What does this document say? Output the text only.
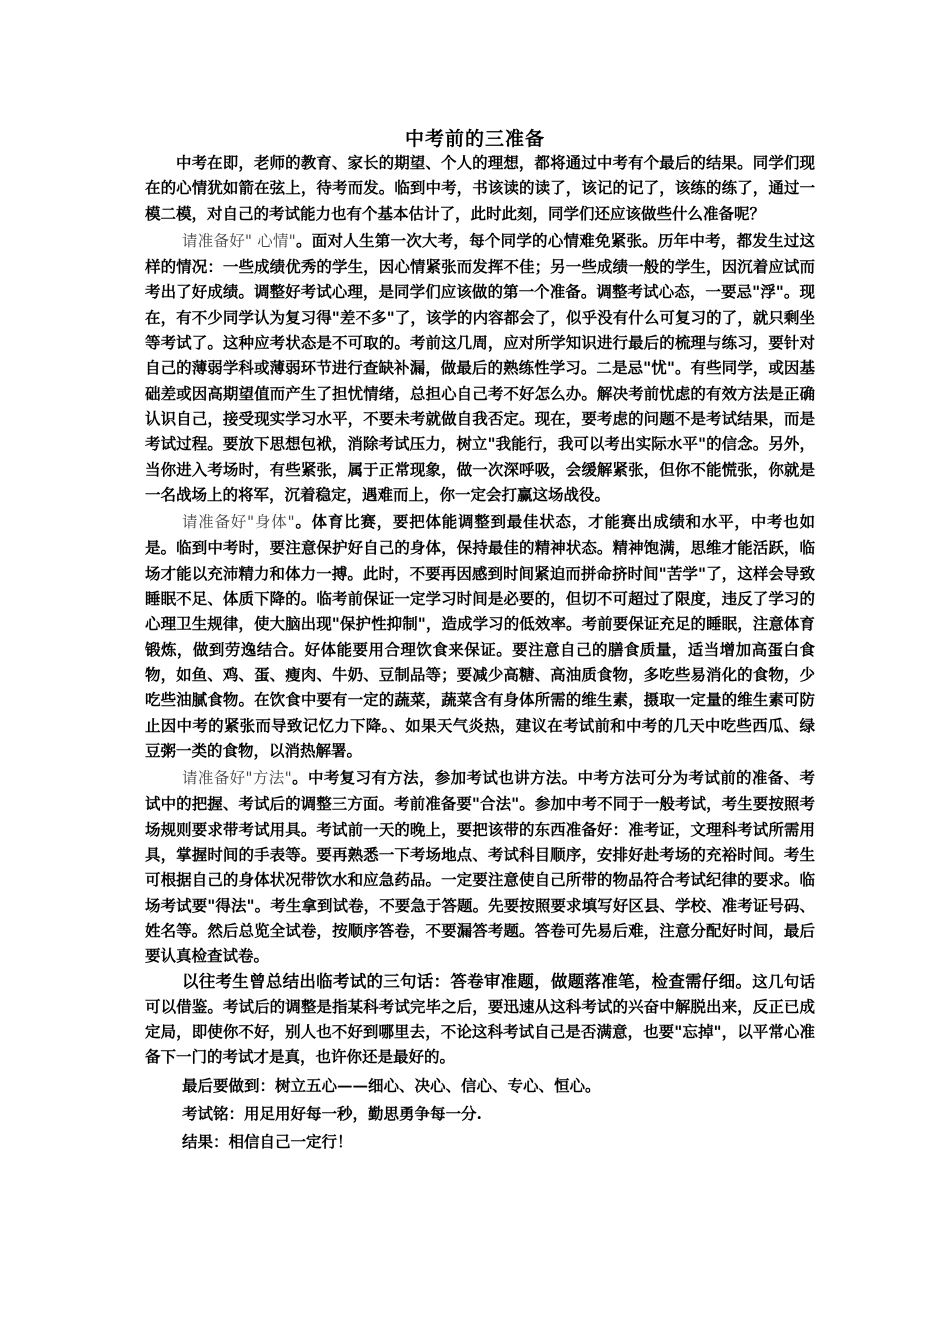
中考前的三准备

中考在即，老师的教育、家长的期望、个人的理想，都将通过中考有个最后的结果。同学们现在的心情犹如箭在弦上，待考而发。临到中考，书该读的读了，该记的记了，该练的练了，通过一模二模，对自己的考试能力也有个基本估计了，此时此刻，同学们还应该做些什么准备呢？

请准备好" 心情"。面对人生第一次大考，每个同学的心情难免紧张。历年中考，都发生过这样的情况：一些成绩优秀的学生，因心情紧张而发挥不佳；另一些成绩一般的学生，因沉着应试而考出了好成绩。调整好考试心理，是同学们应该做的第一个准备。调整考试心态，一要忌"浮"。现在，有不少同学认为复习得"差不多"了，该学的内容都会了，似乎没有什么可复习的了，就只剩坐等考试了。这种应考状态是不可取的。考前这几周，应对所学知识进行最后的梳理与练习，要针对自己的薄弱学科或薄弱环节进行查缺补漏，做最后的熟练性学习。二是忌"忧"。有些同学，或因基础差或因高期望值而产生了担忧情绪，总担心自己考不好怎么办。解决考前忧虑的有效方法是正确认识自己，接受现实学习水平，不要未考就做自我否定。现在，要考虑的问题不是考试结果，而是考试过程。要放下思想包袱，消除考试压力，树立"我能行，我可以考出实际水平"的信念。另外，当你进入考场时，有些紧张，属于正常现象，做一次深呼吸，会缓解紧张，但你不能慌张，你就是一名战场上的将军，沉着稳定，遇难而上，你一定会打赢这场战役。

请准备好"身体"。体育比赛，要把体能调整到最佳状态，才能赛出成绩和水平，中考也如是。临到中考时，要注意保护好自己的身体，保持最佳的精神状态。精神饱满，思维才能活跃，临场才能以充沛精力和体力一搏。此时，不要再因感到时间紧迫而拼命挤时间"苦学"了，这样会导致睡眠不足、体质下降的。临考前保证一定学习时间是必要的，但切不可超过了限度，违反了学习的心理卫生规律，使大脑出现"保护性抑制"，造成学习的低效率。考前要保证充足的睡眠，注意体育锻炼，做到劳逸结合。好体能要用合理饮食来保证。要注意自己的膳食质量，适当增加高蛋白食物，如鱼、鸡、蛋、瘦肉、牛奶、豆制品等；要减少高糖、高油质食物，多吃些易消化的食物，少吃些油腻食物。在饮食中要有一定的蔬菜，蔬菜含有身体所需的维生素，摄取一定量的维生素可防止因中考的紧张而导致记忆力下降。、如果天气炎热，建议在考试前和中考的几天中吃些西瓜、绿豆粥一类的食物，以消热解署。

请准备好"方法"。中考复习有方法，参加考试也讲方法。中考方法可分为考试前的准备、考试中的把握、考试后的调整三方面。考前准备要"合法"。参加中考不同于一般考试，考生要按照考场规则要求带考试用具。考试前一天的晚上，要把该带的东西准备好：准考证，文理科考试所需用具，掌握时间的手表等。要再熟悉一下考场地点、考试科目顺序，安排好赴考场的充裕时间。考生可根据自己的身体状况带饮水和应急药品。一定要注意使自己所带的物品符合考试纪律的要求。临场考试要"得法"。考生拿到试卷，不要急于答题。先要按照要求填写好区县、学校、准考证号码、姓名等。然后总览全试卷，按顺序答卷，不要漏答考题。答卷可先易后难，注意分配好时间，最后要认真检查试卷。

以往考生曾总结出临考试的三句话：答卷审准题，做题落准笔，检查需仔细。这几句话可以借鉴。考试后的调整是指某科考试完毕之后，要迅速从这科考试的兴奋中解脱出来，反正已成定局，即使你不好，别人也不好到哪里去，不论这科考试自己是否满意，也要"忘掉"，以平常心准备下一门的考试才是真，也许你还是最好的。

最后要做到：树立五心——细心、决心、信心、专心、恒心。

考试铭：用足用好每一秒，勤思勇争每一分.

结果：相信自己一定行！
